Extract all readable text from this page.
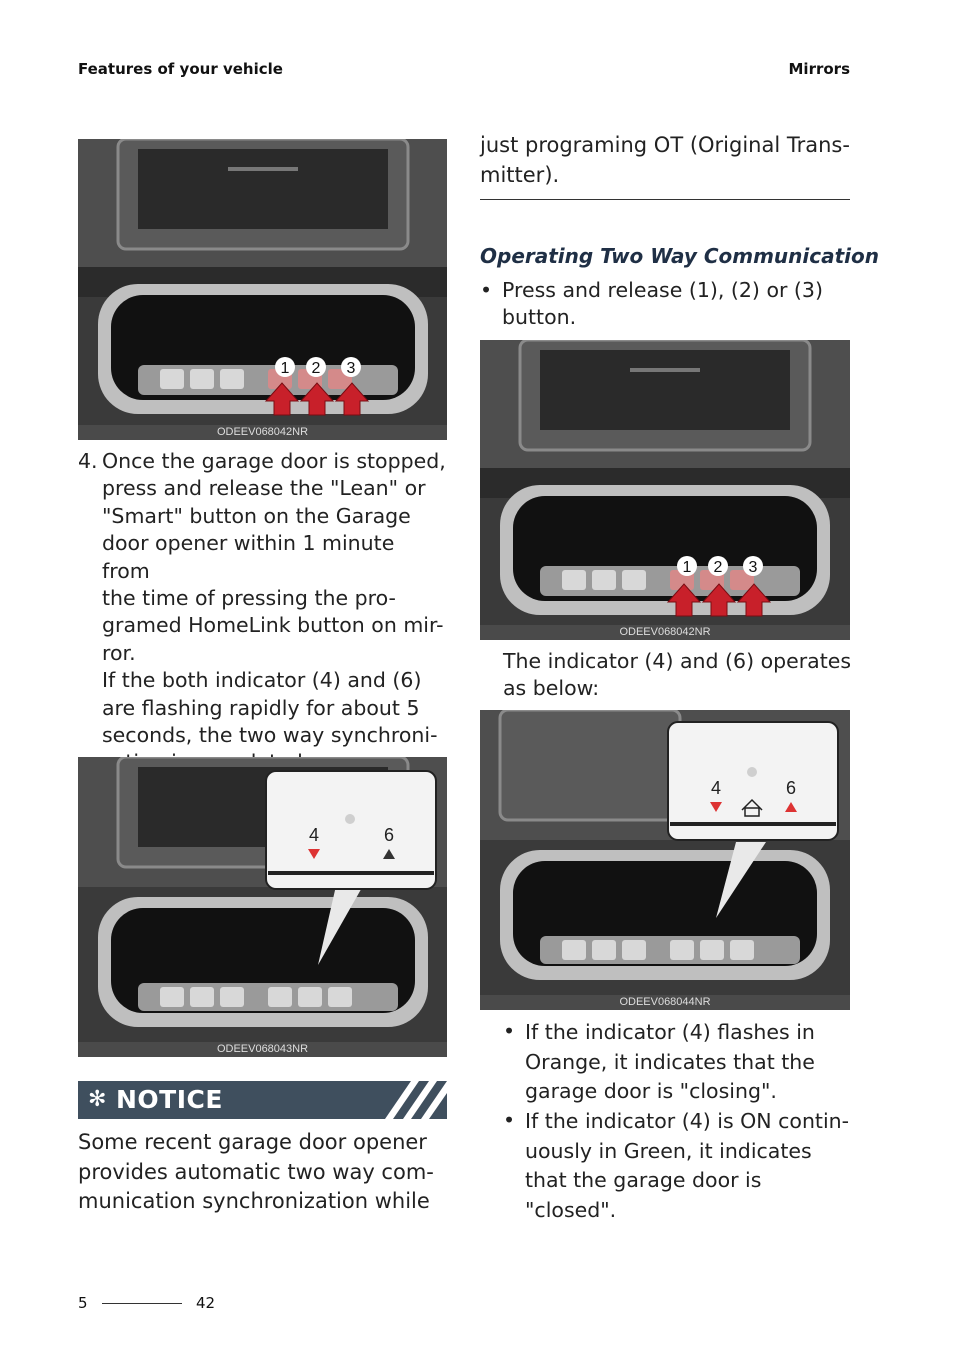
Features of your vehicle	Mirrors
1 2 3
ODEEV068042NR
4. Once the garage door is stopped,

press and release the "Lean" or

"Smart" button on the Garage

door opener within 1 minute from

the time of pressing the pro-

gramed HomeLink button on mir-

ror.

If the both indicator (4) and (6)

are flashing rapidly for about 5

seconds, the two way synchroni-

4	6
ODEEV068043NR
✻ NOTICE
Some recent garage door opener
provides automatic two way com-
munication synchronization while
just programing OT (Original Trans-
mitter).
Operating Two Way Communication
• Press and release (1), (2) or (3)
button.
1 2 3
ODEEV068042NR
The indicator (4) and (6) operates
as below:
4	6
ODEEV068044NR
• If the indicator (4) flashes in
Orange, it indicates that the
garage door is "closing".
• If the indicator (4) is ON contin-
uously in Green, it indicates
that the garage door is "closed".
5	42
